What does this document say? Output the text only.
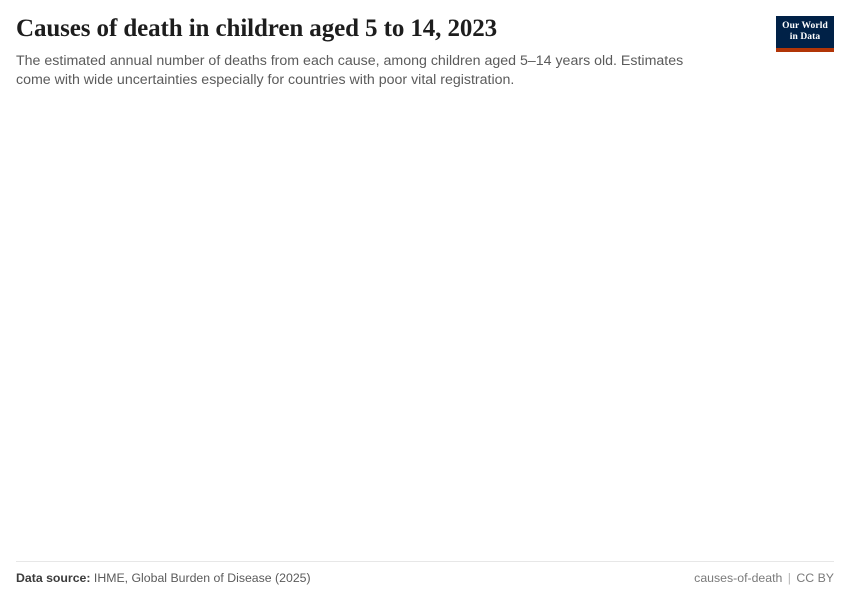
Causes of death in children aged 5 to 14, 2023

The estimated annual number of deaths from each cause, among children aged 5–14 years old. Estimates come with wide uncertainties especially for countries with poor vital registration.

Our World
in Data
Data source: IHME, Global Burden of Disease (2025)	causes-of-death | CC BY
